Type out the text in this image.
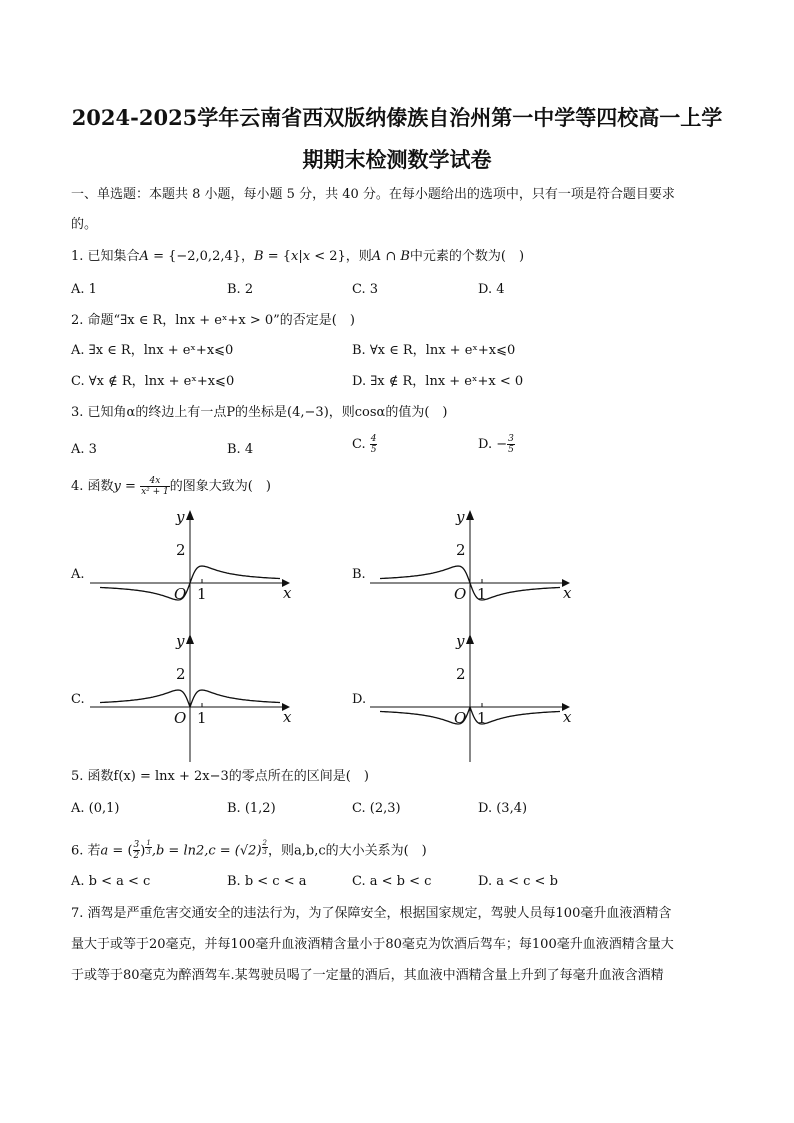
2024-2025学年云南省西双版纳傣族自治州第一中学等四校高一上学
期期末检测数学试卷
一、单选题：本题共 8 小题，每小题 5 分，共 40 分。在每小题给出的选项中，只有一项是符合题目要求
的。
1. 已知集合A = {−2,0,2,4}，B = {x|x < 2}，则A ∩ B中元素的个数为(　)
A. 1	B. 2	C. 3	D. 4
2. 命题“∃x ∈ R，lnx + eˣ+x > 0”的否定是(　)
A. ∃x ∈ R，lnx + eˣ+x⩽0	B. ∀x ∈ R，lnx + eˣ+x⩽0
C. ∀x ∉ R，lnx + eˣ+x⩽0	D. ∃x ∉ R，lnx + eˣ+x < 0
3. 已知角α的终边上有一点P的坐标是(4,−3)，则cosα的值为(　)
A. 3	B. 4	C. $\frac{4}{5}$	D. − $\frac{3}{5}$
4. 函数$y = \frac{4x}{\text{x² + 1}}$ 的图象大致为(　)
A.	B.
C.	D.
x
y
O 1
2
x
y
O 1
2
x
y
O 1
2
x
y
O 1
2
5. 函数f(x) = lnx + 2x−3的零点所在的区间是(　)
A. (0,1)	B. (1,2)	C. (2,3)	D. (3,4)
6. 若a = ( $\frac{3}{2}$ ) $^{\frac{1}{3}}$ ,b = ln2,c = (√2) $^{\frac{2}{3}}$ ，则a,b,c的大小关系为(　)
A. b < a < c	B. b < c < a	C. a < b < c	D. a < c < b
7. 酒驾是严重危害交通安全的违法行为，为了保障安全，根据国家规定，驾驶人员每100毫升血液酒精含
量大于或等于20毫克，并每100毫升血液酒精含量小于80毫克为饮酒后驾车；每100毫升血液酒精含量大
于或等于80毫克为醉酒驾车.某驾驶员喝了一定量的酒后，其血液中酒精含量上升到了每毫升血液含酒精
